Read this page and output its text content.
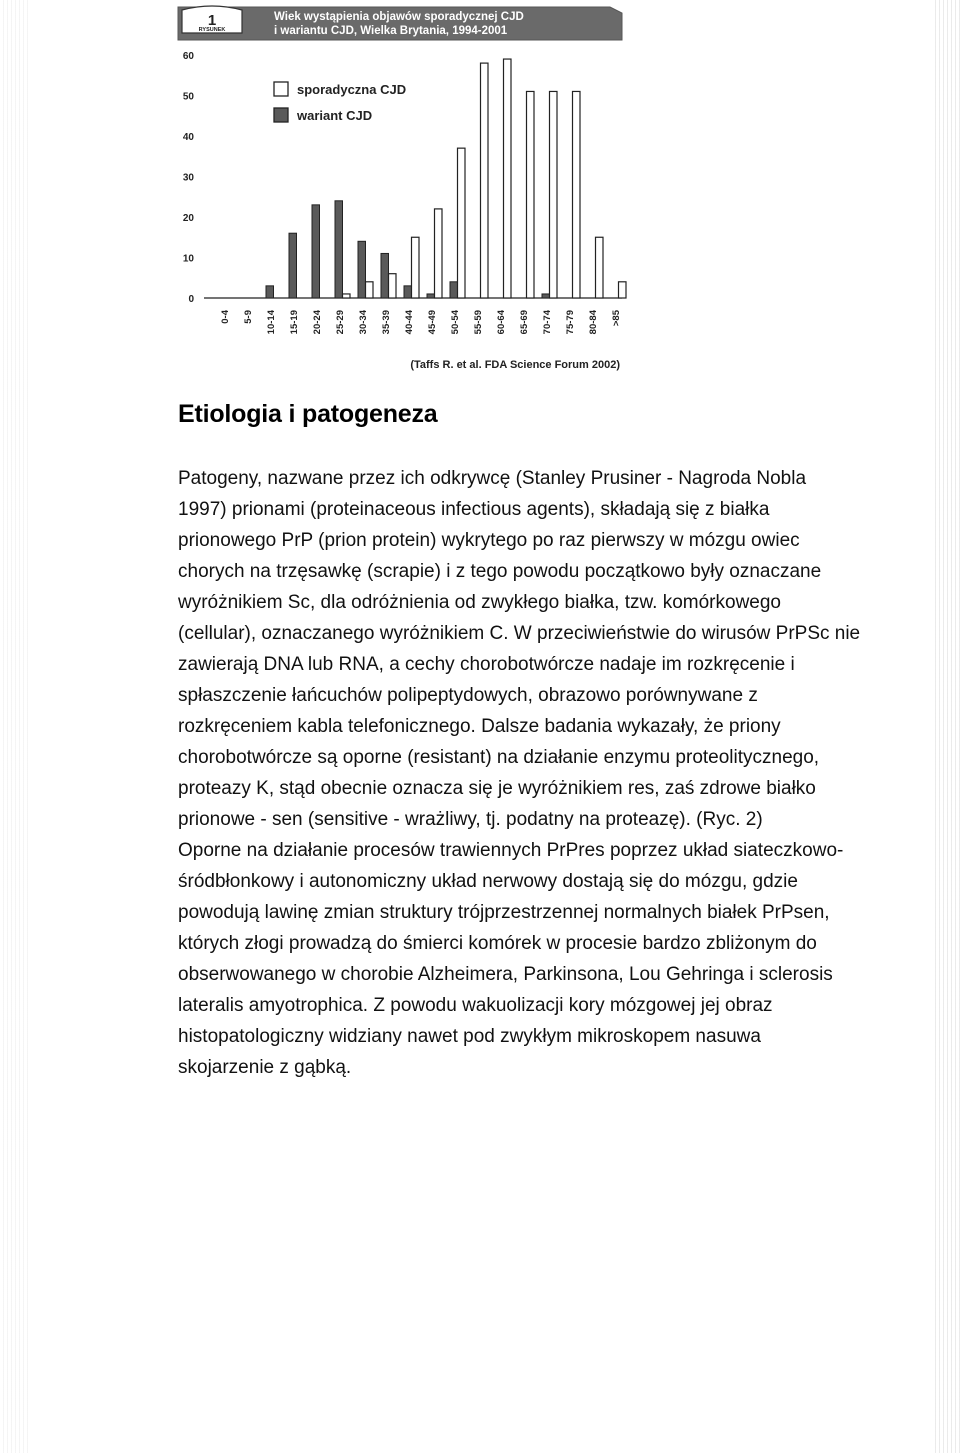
1
RYSUNEK
Wiek wystąpienia objawów sporadycznej CJD
i wariantu CJD, Wielka Brytania, 1994-2001
0
10
20
30
40
50
60
0-4 5-9 10-14 15-19 20-24 25-29 30-34 35-39 40-44 45-49 50-54 55-59 60-64 65-69 70-74 75-79 80-84 >85
sporadyczna CJD
wariant CJD
(Taffs R. et al. FDA Science Forum 2002)
Etiologia i patogeneza
Patogeny, nazwane przez ich odkrywcę (Stanley Prusiner - Nagroda Nobla
1997) prionami (proteinaceous infectious agents), składają się z białka
prionowego PrP (prion protein) wykrytego po raz pierwszy w mózgu owiec
chorych na trzęsawkę (scrapie) i z tego powodu początkowo były oznaczane
wyróżnikiem Sc, dla odróżnienia od zwykłego białka, tzw. komórkowego
(cellular), oznaczanego wyróżnikiem C. W przeciwieństwie do wirusów PrPSc nie
zawierają DNA lub RNA, a cechy chorobotwórcze nadaje im rozkręcenie i
spłaszczenie łańcuchów polipeptydowych, obrazowo porównywane z
rozkręceniem kabla telefonicznego. Dalsze badania wykazały, że priony
chorobotwórcze są oporne (resistant) na działanie enzymu proteolitycznego,
proteazy K, stąd obecnie oznacza się je wyróżnikiem res, zaś zdrowe białko
prionowe - sen (sensitive - wrażliwy, tj. podatny na proteazę). (Ryc. 2)
Oporne na działanie procesów trawiennych PrPres poprzez układ siateczkowo-
śródbłonkowy i autonomiczny układ nerwowy dostają się do mózgu, gdzie
powodują lawinę zmian struktury trójprzestrzennej normalnych białek PrPsen,
których złogi prowadzą do śmierci komórek w procesie bardzo zbliżonym do
obserwowanego w chorobie Alzheimera, Parkinsona, Lou Gehringa i sclerosis
lateralis amyotrophica. Z powodu wakuolizacji kory mózgowej jej obraz
histopatologiczny widziany nawet pod zwykłym mikroskopem nasuwa
skojarzenie z gąbką.
